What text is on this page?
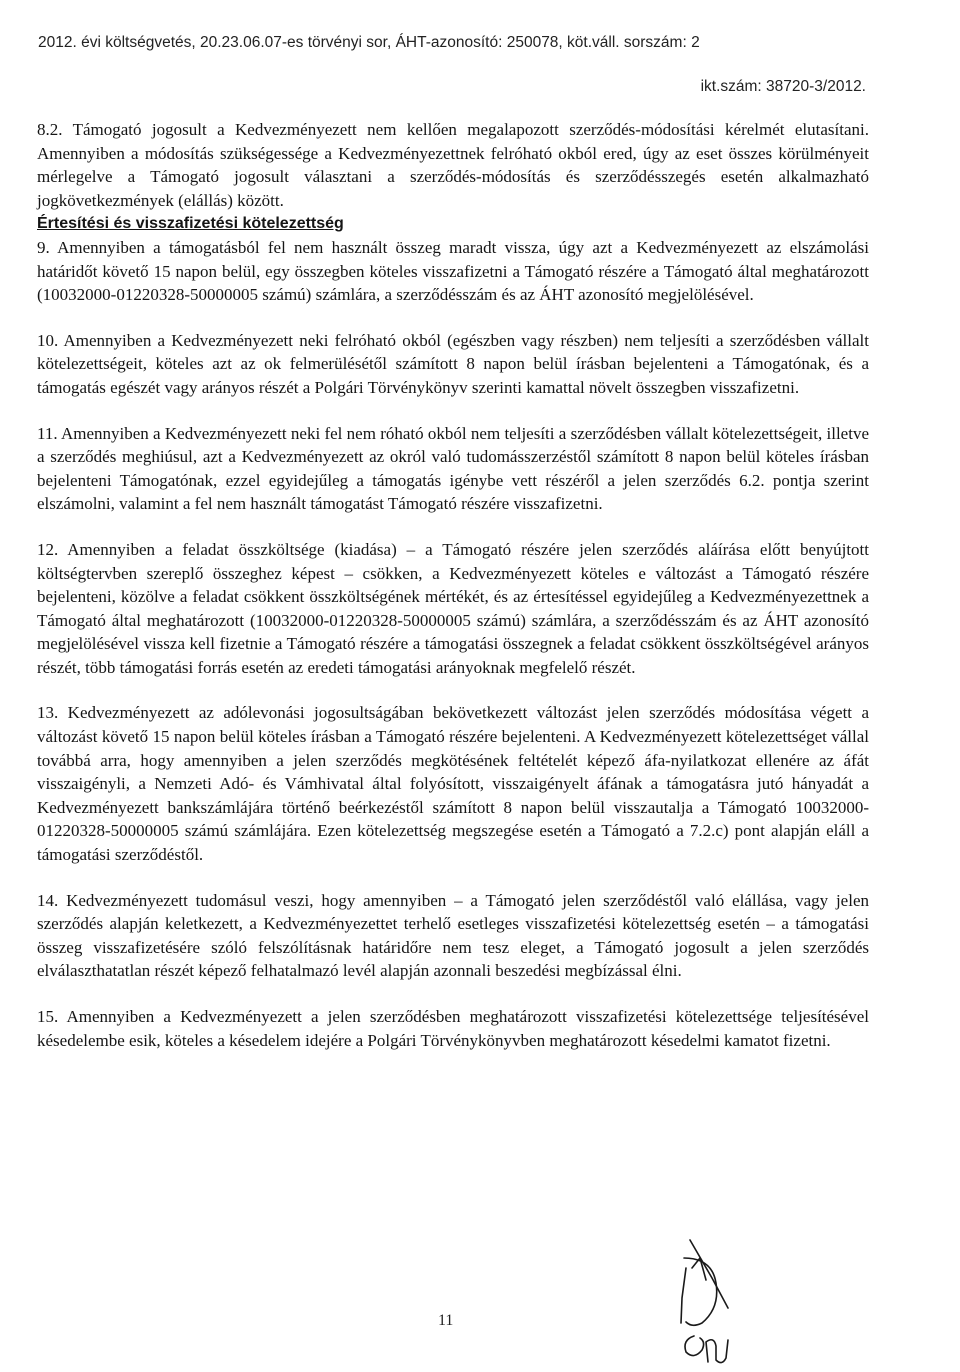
2012. évi költségvetés, 20.23.06.07-es törvényi sor, ÁHT-azonosító: 250078, köt.váll. sorszám: 2
ikt.szám: 38720-3/2012.

8.2. Támogató jogosult a Kedvezményezett nem kellően megalapozott szerződés-módosítási kérelmét elutasítani. Amennyiben a módosítás szükségessége a Kedvezményezettnek felróható okból ered, úgy az eset összes körülményeit mérlegelve a Támogató jogosult választani a szerződés-módosítás és szerződésszegés esetén alkalmazható jogkövetkezmények (elállás) között.

Értesítési és visszafizetési kötelezettség

9. Amennyiben a támogatásból fel nem használt összeg maradt vissza, úgy azt a Kedvezményezett az elszámolási határidőt követő 15 napon belül, egy összegben köteles visszafizetni a Támogató részére a Támogató által meghatározott (10032000-01220328-50000005 számú) számlára, a szerződésszám és az ÁHT azonosító megjelölésével.

10. Amennyiben a Kedvezményezett neki felróható okból (egészben vagy részben) nem teljesíti a szerződésben vállalt kötelezettségeit, köteles azt az ok felmerülésétől számított 8 napon belül írásban bejelenteni a Támogatónak, és a támogatás egészét vagy arányos részét a Polgári Törvénykönyv szerinti kamattal növelt összegben visszafizetni.

11. Amennyiben a Kedvezményezett neki fel nem róható okból nem teljesíti a szerződésben vállalt kötelezettségeit, illetve a szerződés meghiúsul, azt a Kedvezményezett az okról való tudomásszerzéstől számított 8 napon belül köteles írásban bejelenteni Támogatónak, ezzel egyidejűleg a támogatás igénybe vett részéről a jelen szerződés 6.2. pontja szerint elszámolni, valamint a fel nem használt támogatást Támogató részére visszafizetni.

12. Amennyiben a feladat összköltsége (kiadása) – a Támogató részére jelen szerződés aláírása előtt benyújtott költségtervben szereplő összeghez képest – csökken, a Kedvezményezett köteles e változást a Támogató részére bejelenteni, közölve a feladat csökkent összköltségének mértékét, és az értesítéssel egyidejűleg a Kedvezményezettnek a Támogató által meghatározott (10032000-01220328-50000005 számú) számlára, a szerződésszám és az ÁHT azonosító megjelölésével vissza kell fizetnie a Támogató részére a támogatási összegnek a feladat csökkent összköltségével arányos részét, több támogatási forrás esetén az eredeti támogatási arányoknak megfelelő részét.

13. Kedvezményezett az adólevonási jogosultságában bekövetkezett változást jelen szerződés módosítása végett a változást követő 15 napon belül köteles írásban a Támogató részére bejelenteni. A Kedvezményezett kötelezettséget vállal továbbá arra, hogy amennyiben a jelen szerződés megkötésének feltételét képező áfa-nyilatkozat ellenére az áfát visszaigényli, a Nemzeti Adó- és Vámhivatal által folyósított, visszaigényelt áfának a támogatásra jutó hányadát a Kedvezményezett bankszámlájára történő beérkezéstől számított 8 napon belül visszautalja a Támogató 10032000-01220328-50000005 számú számlájára. Ezen kötelezettség megszegése esetén a Támogató a 7.2.c) pont alapján eláll a támogatási szerződéstől.

14. Kedvezményezett tudomásul veszi, hogy amennyiben – a Támogató jelen szerződéstől való elállása, vagy jelen szerződés alapján keletkezett, a Kedvezményezettet terhelő esetleges visszafizetési kötelezettség esetén – a támogatási összeg visszafizetésére szóló felszólításnak határidőre nem tesz eleget, a Támogató jogosult a jelen szerződés elválaszthatatlan részét képező felhatalmazó levél alapján azonnali beszedési megbízással élni.

15. Amennyiben a Kedvezményezett a jelen szerződésben meghatározott visszafizetési kötelezettsége teljesítésével késedelembe esik, köteles a késedelem idejére a Polgári Törvénykönyvben meghatározott késedelmi kamatot fizetni.

11
